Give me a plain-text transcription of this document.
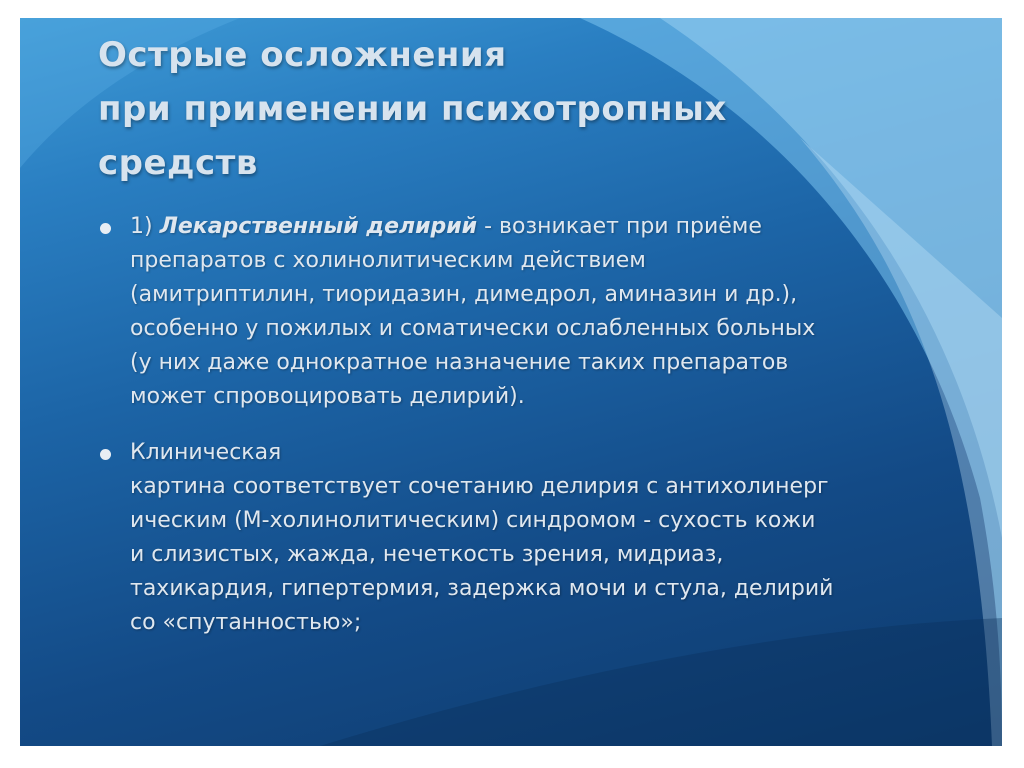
Острые осложнения
при применении психотропных
средств
1) Лекарственный делирий - возникает при приёме
препаратов с холинолитическим действием
(амитриптилин, тиоридазин, димедрол, аминазин и др.),
особенно у пожилых и соматически ослабленных больных
(у них даже однократное назначение таких препаратов
может спровоцировать делирий).
Клиническая
картина соответствует сочетанию делирия с антихолинерг
ическим (М-холинолитическим) синдромом - сухость кожи
и слизистых, жажда, нечеткость зрения, мидриаз,
тахикардия, гипертермия, задержка мочи и стула, делирий
со «спутанностью»;
